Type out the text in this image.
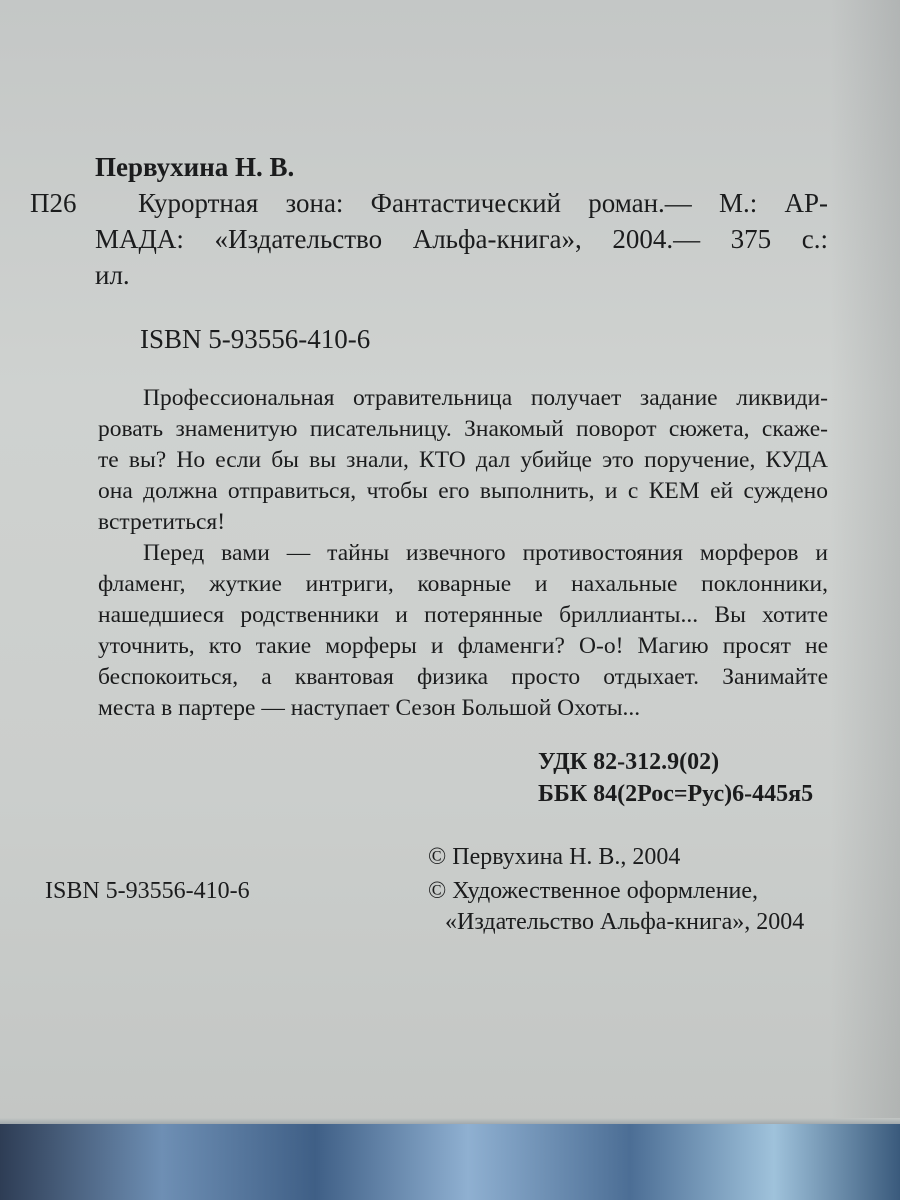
Первухина Н. В.
П26 Курортная зона: Фантастический роман.— М.: АР-
МАДА: «Издательство Альфа-книга», 2004.— 375 с.:
ил.
ISBN 5-93556-410-6
Профессиональная отравительница получает задание ликвиди-
ровать знаменитую писательницу. Знакомый поворот сюжета, скаже-
те вы? Но если бы вы знали, КТО дал убийце это поручение, КУДА
она должна отправиться, чтобы его выполнить, и с КЕМ ей суждено
встретиться!
Перед вами — тайны извечного противостояния морферов и
фламенг, жуткие интриги, коварные и нахальные поклонники,
нашедшиеся родственники и потерянные бриллианты... Вы хотите
уточнить, кто такие морферы и фламенги? О-о! Магию просят не
беспокоиться, а квантовая физика просто отдыхает. Занимайте
места в партере — наступает Сезон Большой Охоты...
УДК 82-312.9(02)
ББК 84(2Рос=Рус)6-445я5
© Первухина Н. В., 2004
ISBN 5-93556-410-6	© Художественное оформление,
«Издательство Альфа-книга», 2004
